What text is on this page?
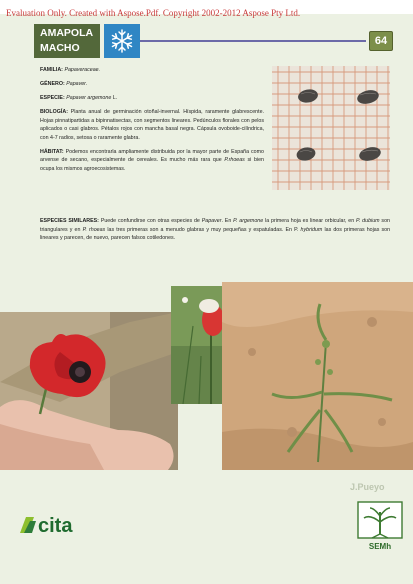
Evaluation Only. Created with Aspose.Pdf. Copyright 2002-2012 Aspose Pty Ltd.
AMAPOLA
MACHO
64

FAMILIA: Papaveraceae.

GÉNERO: Papaver.

ESPECIE: Papaver argemone L.

BIOLOGÍA: Planta anual de germinación otoñal-invernal. Híspida, raramente glabrescente. Hojas pinnatipartidas a bipinnatisectas, con segmentos lineares. Pedúnculos florales con pelos aplicados o casi glabros. Pétalos rojos con mancha basal negra. Cápsula ovoboide-cilíndrica, con 4-7 radios, setosa o raramente glabra.

HÁBITAT: Podemos encontrarla ampliamente distribuida por la mayor parte de España como arvense de secano, especialmente de cereales. Es mucho más rara que P.rhoeas si bien ocupa los mismos agroecosistemas.

ESPECIES SIMILARES: Puede confundirse con otras especies de Papaver. En P. argemone la primera hoja es linear orbicular, en P. dubium son triangulares y en P. rhoeas las tres primeras son a menudo glabras y muy pequeñas y espatuladas. En P. hybridum las dos primeras hojas son lineares y parecen, de nuevo, parecen falsos cotiledones.
J.Pueyo
cita
SEMh
